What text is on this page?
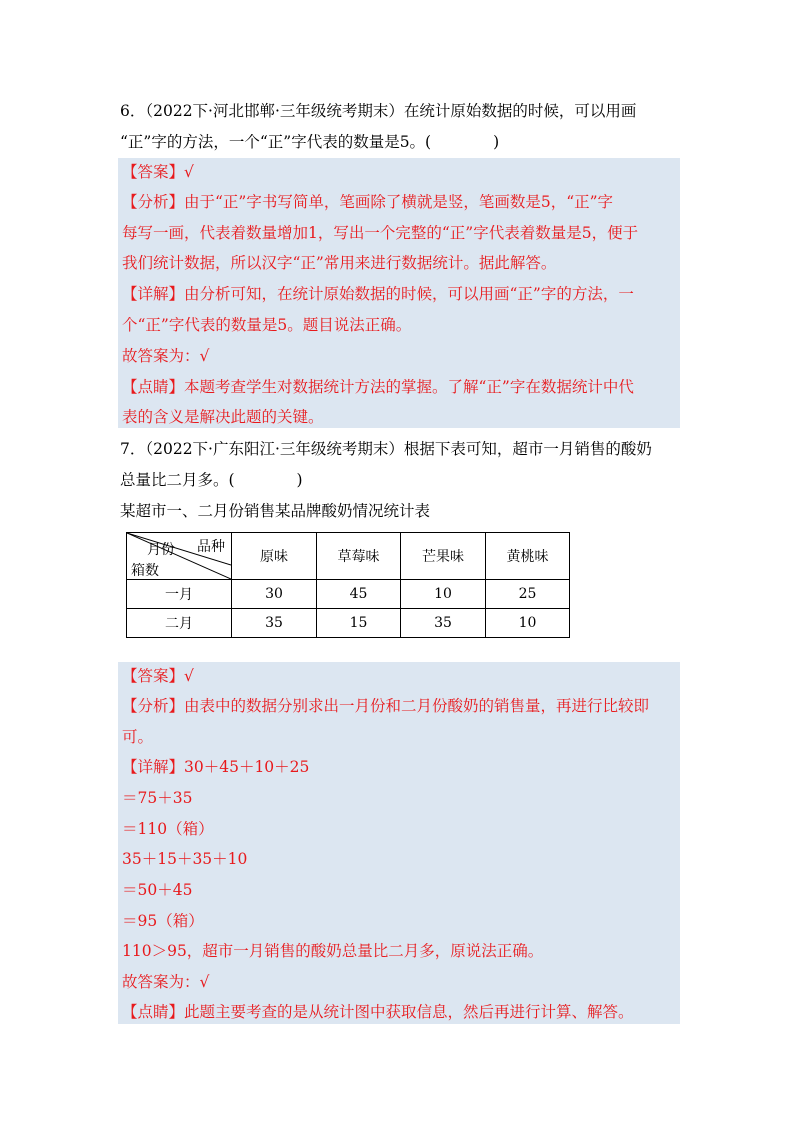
6．（2022下·河北邯郸·三年级统考期末）在统计原始数据的时候，可以用画
“正”字的方法，一个“正”字代表的数量是5。(　　　　)
【答案】√
【分析】由于“正”字书写简单，笔画除了横就是竖，笔画数是5，“正”字
每写一画，代表着数量增加1，写出一个完整的“正”字代表着数量是5，便于
我们统计数据，所以汉字“正”常用来进行数据统计。据此解答。
【详解】由分析可知，在统计原始数据的时候，可以用画“正”字的方法，一
个“正”字代表的数量是5。题目说法正确。
故答案为：√
【点睛】本题考查学生对数据统计方法的掌握。了解“正”字在数据统计中代
表的含义是解决此题的关键。
7．（2022下·广东阳江·三年级统考期末）根据下表可知，超市一月销售的酸奶
总量比二月多。(　　　　)
某超市一、二月份销售某品牌酸奶情况统计表
品种
月份
箱数	原味	草莓味	芒果味	黄桃味
一月	30	45	10	25
二月	35	15	35	10
【答案】√
【分析】由表中的数据分别求出一月份和二月份酸奶的销售量，再进行比较即
可。
【详解】30＋45＋10＋25
＝75＋35
＝110（箱）
35＋15＋35＋10
＝50＋45
＝95（箱）
110＞95，超市一月销售的酸奶总量比二月多，原说法正确。
故答案为：√
【点睛】此题主要考查的是从统计图中获取信息，然后再进行计算、解答。
